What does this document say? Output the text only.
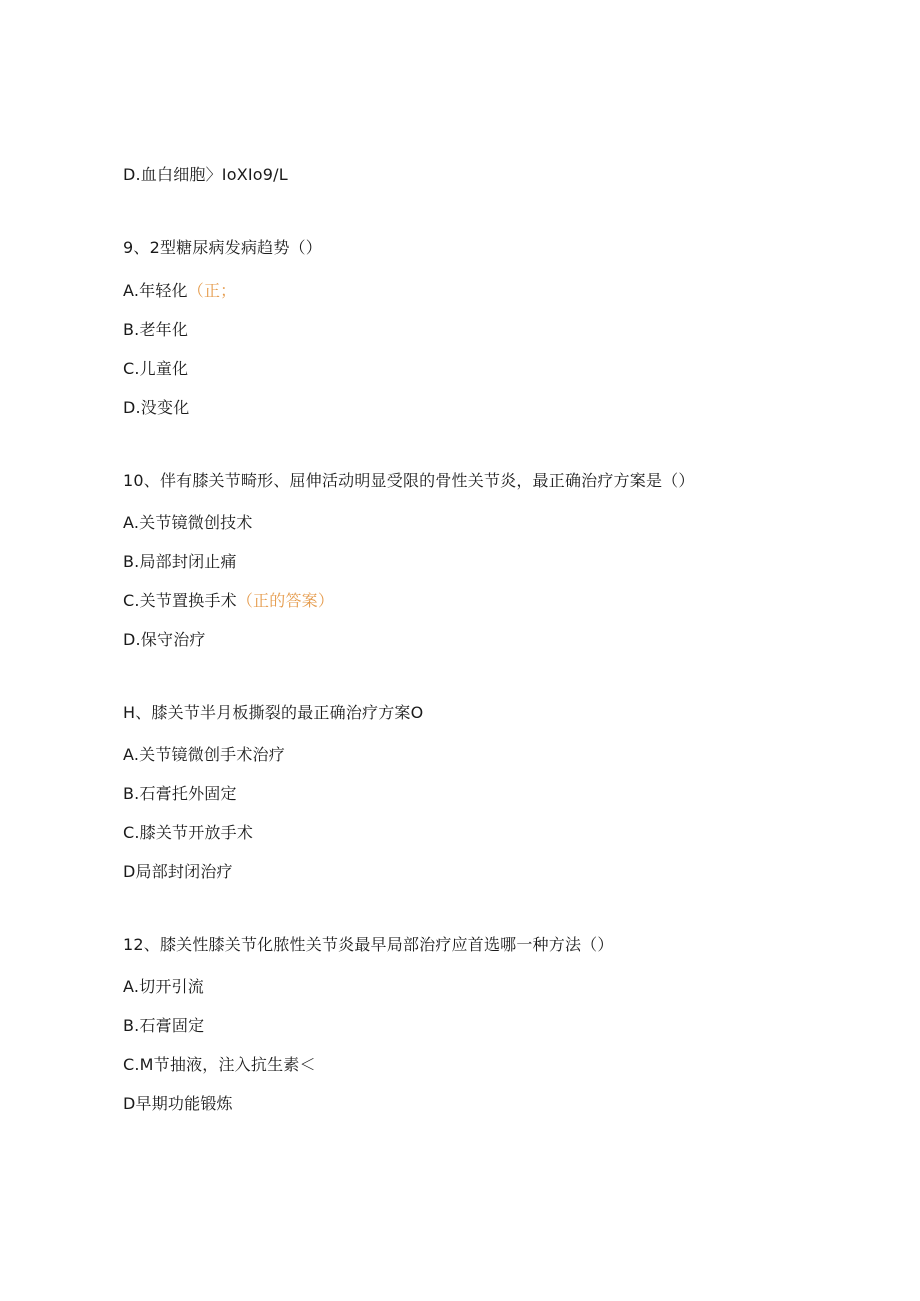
D.血白细胞〉IoXIo9/L
9、2型糖尿病发病趋势（）
A.年轻化（正；
B.老年化
C.儿童化
D.没变化
10、伴有膝关节畸形、屈伸活动明显受限的骨性关节炎，最正确治疗方案是（）
A.关节镜微创技术
B.局部封闭止痛
C.关节置换手术（正的答案）
D.保守治疗
H、膝关节半月板撕裂的最正确治疗方案O
A.关节镜微创手术治疗
B.石膏托外固定
C.膝关节开放手术
D局部封闭治疗
12、膝关性膝关节化脓性关节炎最早局部治疗应首选哪一种方法（）
A.切开引流
B.石膏固定
C.M节抽液，注入抗生素＜
D早期功能锻炼
